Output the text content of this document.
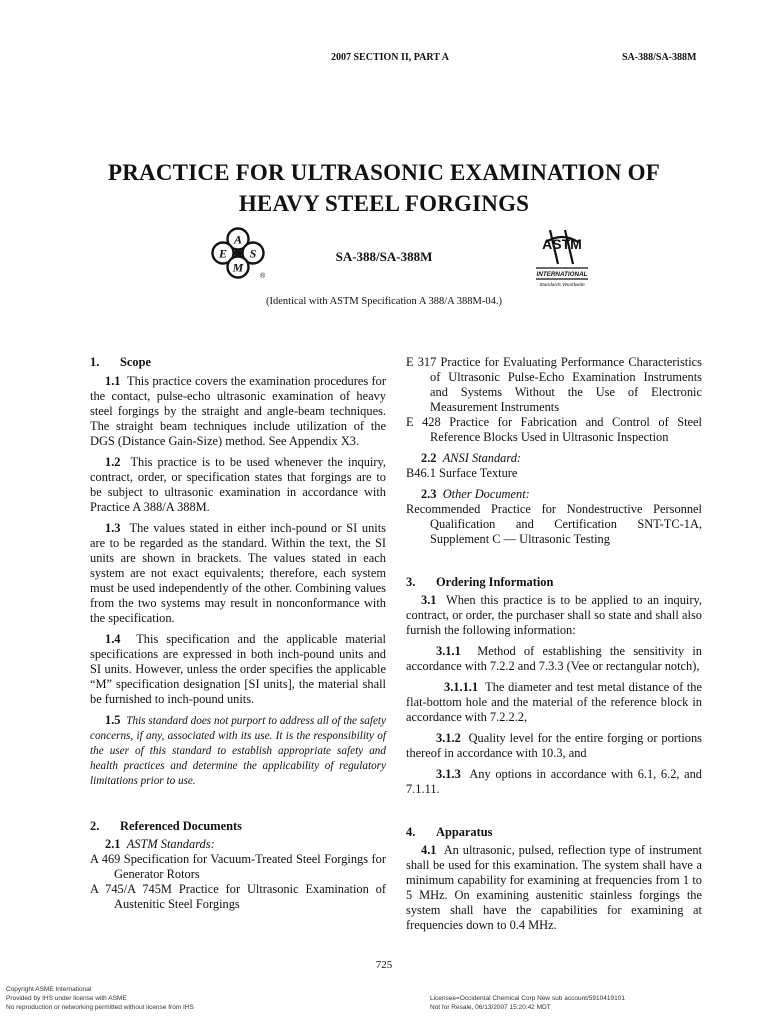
2007 SECTION II, PART A	SA-388/SA-388M
PRACTICE FOR ULTRASONIC EXAMINATION OF
HEAVY STEEL FORGINGS
A
E S
M
®
SA-388/SA-388M
ASTM
INTERNATIONAL
Standards Worldwide
(Identical with ASTM Specification A 388/A 388M-04.)

1. Scope

1.1 This practice covers the examination procedures for the contact, pulse-echo ultrasonic examination of heavy steel forgings by the straight and angle-beam techniques. The straight beam techniques include utilization of the DGS (Distance Gain-Size) method. See Appendix X3.

1.2 This practice is to be used whenever the inquiry, contract, order, or specification states that forgings are to be subject to ultrasonic examination in accordance with Practice A 388/A 388M.

1.3 The values stated in either inch-pound or SI units are to be regarded as the standard. Within the text, the SI units are shown in brackets. The values stated in each system are not exact equivalents; therefore, each system must be used independently of the other. Combining values from the two systems may result in nonconformance with the specification.

1.4 This specification and the applicable material specifications are expressed in both inch-pound units and SI units. However, unless the order specifies the applicable “M” specification designation [SI units], the material shall be furnished to inch-pound units.

1.5 This standard does not purport to address all of the safety concerns, if any, associated with its use. It is the responsibility of the user of this standard to establish appropriate safety and health practices and determine the applicability of regulatory limitations prior to use.

2. Referenced Documents

2.1 ASTM Standards:

A 469 Specification for Vacuum-Treated Steel Forgings for Generator Rotors

A 745/A 745M Practice for Ultrasonic Examination of Austenitic Steel Forgings

E 317 Practice for Evaluating Performance Characteristics of Ultrasonic Pulse-Echo Examination Instruments and Systems Without the Use of Electronic Measurement Instruments

E 428 Practice for Fabrication and Control of Steel Reference Blocks Used in Ultrasonic Inspection

2.2 ANSI Standard:

B46.1 Surface Texture

2.3 Other Document:

Recommended Practice for Nondestructive Personnel Qualification and Certification SNT-TC-1A, Supplement C — Ultrasonic Testing

3. Ordering Information

3.1 When this practice is to be applied to an inquiry, contract, or order, the purchaser shall so state and shall also furnish the following information:

3.1.1 Method of establishing the sensitivity in accordance with 7.2.2 and 7.3.3 (Vee or rectangular notch),

3.1.1.1 The diameter and test metal distance of the flat-bottom hole and the material of the reference block in accordance with 7.2.2.2,

3.1.2 Quality level for the entire forging or portions thereof in accordance with 10.3, and

3.1.3 Any options in accordance with 6.1, 6.2, and 7.1.11.

4. Apparatus

4.1 An ultrasonic, pulsed, reflection type of instrument shall be used for this examination. The system shall have a minimum capability for examining at frequencies from 1 to 5 MHz. On examining austenitic stainless forgings the system shall have the capabilities for examining at frequencies down to 0.4 MHz.

725
Copyright ASME International
Provided by IHS under license with ASME
No reproduction or networking permitted without license from IHS
Licensee=Occidental Chemical Corp New sub account/5910419101
Not for Resale, 06/13/2007 15:20:42 MDT
